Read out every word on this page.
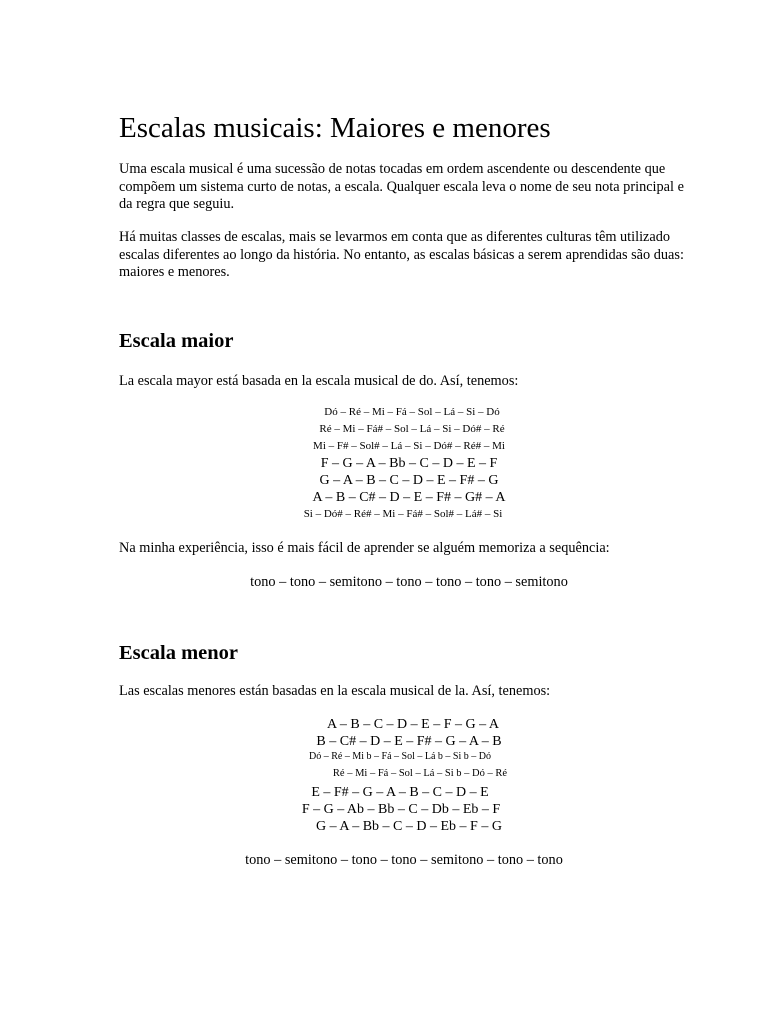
Escalas musicais: Maiores e menores

Uma escala musical é uma sucessão de notas tocadas em ordem ascendente ou descendente que compõem um sistema curto de notas, a escala. Qualquer escala leva o nome de seu nota principal e da regra que seguiu.

Há muitas classes de escalas, mais se levarmos em conta que as diferentes culturas têm utilizado escalas diferentes ao longo da história. No entanto, as escalas básicas a serem aprendidas são duas: maiores e menores.

Escala maior

La escala mayor está basada en la escala musical de do. Así, tenemos:

Dó – Ré – Mi – Fá – Sol – Lá – Si – Dó
Ré – Mi – Fá# – Sol – Lá – Si – Dó# – Ré
Mi – F# – Sol# – Lá – Si – Dó# – Ré# – Mi
F – G – A – Bb – C – D – E – F
G – A – B – C – D – E – F# – G
A – B – C# – D – E – F# – G# – A
Si – Dó# – Ré# – Mi – Fá# – Sol# – Lá# – Si

Na minha experiência, isso é mais fácil de aprender se alguém memoriza a sequência:

tono – tono – semitono – tono – tono – tono – semitono

Escala menor

Las escalas menores están basadas en la escala musical de la. Así, tenemos:

A – B – C – D – E – F – G – A
B – C# – D – E – F# – G – A – B
Dó – Ré – Mi b – Fá – Sol – Lá b – Si b – Dó
Ré – Mi – Fá – Sol – Lá – Si b – Dó – Ré
E – F# – G – A – B – C – D – E
F – G – Ab – Bb – C – Db – Eb – F
G – A – Bb – C – D – Eb – F – G

tono – semitono – tono – tono – semitono – tono – tono
